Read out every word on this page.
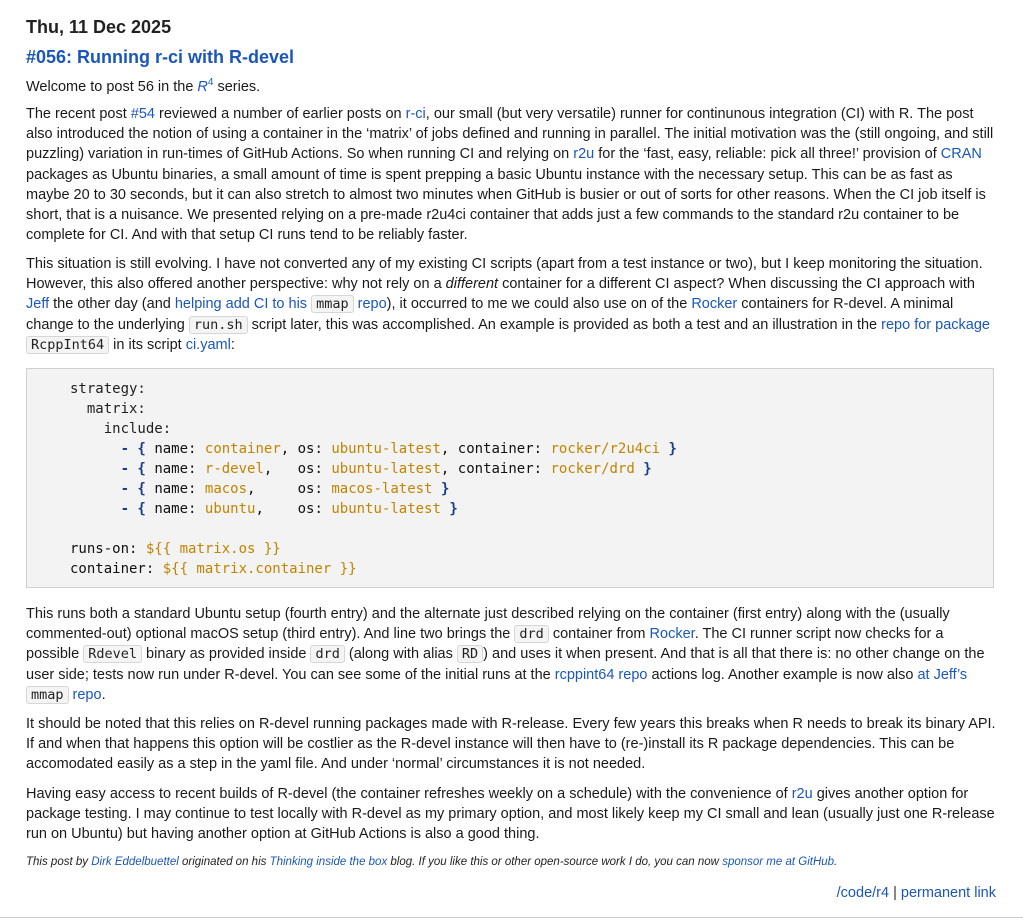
Thu, 11 Dec 2025
#056: Running r-ci with R-devel

Welcome to post 56 in the R$^4$ series.

The recent post #54 reviewed a number of earlier posts on r-ci, our small (but very versatile) runner for continunous integration (CI) with R. The post also introduced the notion of using a container in the ‘matrix’ of jobs defined and running in parallel. The initial motivation was the (still ongoing, and still puzzling) variation in run-times of GitHub Actions. So when running CI and relying on r2u for the ‘fast, easy, reliable: pick all three!’ provision of CRAN packages as Ubuntu binaries, a small amount of time is spent prepping a basic Ubuntu instance with the necessary setup. This can be as fast as maybe 20 to 30 seconds, but it can also stretch to almost two minutes when GitHub is busier or out of sorts for other reasons. When the CI job itself is short, that is a nuisance. We presented relying on a pre-made r2u4ci container that adds just a few commands to the standard r2u container to be complete for CI. And with that setup CI runs tend to be reliably faster.

This situation is still evolving. I have not converted any of my existing CI scripts (apart from a test instance or two), but I keep monitoring the situation. However, this also offered another perspective: why not rely on a different container for a different CI aspect? When discussing the CI approach with Jeff the other day (and helping add CI to his mmap repo), it occurred to me we could also use on of the Rocker containers for R-devel. A minimal change to the underlying run.sh script later, this was accomplished. An example is provided as both a test and an illustration in the repo for package RcppInt64 in its script ci.yaml:

strategy:
matrix:
include:
- { name: container, os: ubuntu-latest, container: rocker/r2u4ci }
- { name: r-devel,   os: ubuntu-latest, container: rocker/drd }
- { name: macos,     os: macos-latest }
- { name: ubuntu,    os: ubuntu-latest }

runs-on: ${{ matrix.os }}
container: ${{ matrix.container }}

This runs both a standard Ubuntu setup (fourth entry) and the alternate just described relying on the container (first entry) along with the (usually commented-out) optional macOS setup (third entry). And line two brings the drd container from Rocker. The CI runner script now checks for a possible Rdevel binary as provided inside drd (along with alias RD ) and uses it when present. And that is all that there is: no other change on the user side; tests now run under R-devel. You can see some of the initial runs at the rcppint64 repo actions log. Another example is now also at Jeff’s mmap repo.

It should be noted that this relies on R-devel running packages made with R-release. Every few years this breaks when R needs to break its binary API. If and when that happens this option will be costlier as the R-devel instance will then have to (re-)install its R package dependencies. This can be accomodated easily as a step in the yaml file. And under ‘normal’ circumstances it is not needed.

Having easy access to recent builds of R-devel (the container refreshes weekly on a schedule) with the convenience of r2u gives another option for package testing. I may continue to test locally with R-devel as my primary option, and most likely keep my CI small and lean (usually just one R-release run on Ubuntu) but having another option at GitHub Actions is also a good thing.

This post by Dirk Eddelbuettel originated on his Thinking inside the box blog. If you like this or other open-source work I do, you can now sponsor me at GitHub.

/code/r4 | permanent link
